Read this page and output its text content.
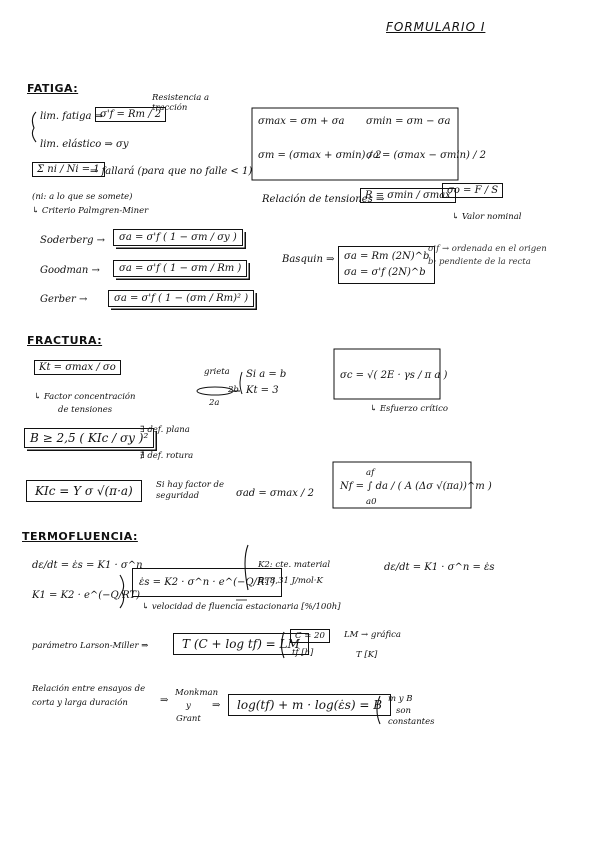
FORMULARIO I
FATIGA:
lim. fatiga ⇒
σ'f = Rm / 2
Resistencia a tracción
lim. elástico ⇒ σy
Σ ni / Ni = 1
⇒ fallará (para que no falle < 1)
(ni: a lo que se somete)
↳ Criterio Palmgren-Miner
σmax = σm + σa σmin = σm − σa
σm = (σmax + σmin) / 2
σa = (σmax − σmin) / 2
Relación de tensiones ⇒
R = σmin / σmax
σo = F / S
↳ Valor nominal
Soderberg →	σa = σ'f ( 1 − σm / σy )
Goodman →	σa = σ'f ( 1 − σm / Rm )
Gerber →	σa = σ'f ( 1 − (σm / Rm)² )
Basquin ⇒ σa = Rm (2N)^b
σa = σ'f (2N)^b
σ'f → ordenada en el origen
b: pendiente de la recta
FRACTURA:
Kt = σmax / σo
↳ Factor concentración
de tensiones
grieta
2b
2a
Si a = b
Kt = 3
σc = √( 2E · γs / π a )
↳ Esfuerzo crítico
B ≥ 2,5 ( KIc / σy )²
∃ def. plana
∄ def. rotura
KIc = Y σ √(π·a)	Si hay factor de seguridad	σad = σmax / 2
af
Nf = ∫ da / ( A (Δσ √(πa))^m )
a0
TERMOFLUENCIA:
dε/dt = ε̇s = K1 · σ^n
K1 = K2 · e^(−Q/RT)
ε̇s = K2 · σ^n · e^(−Q/RT)
K2: cte. material
R: 8,31 J/mol·K
dε/dt = K1 · σ^n = ε̇s
↳ velocidad de fluencia estacionaria [%/100h]
parámetro Larson-Miller ⇒	T (C + log tf) = LM
C = 20
tf [h]
LM → gráfica
T [K]
Relación entre ensayos de
corta y larga duración	⇒
Monkman
y
Grant
⇒	log(tf) + m · log(ε̇s) = B m y B
son
constantes
